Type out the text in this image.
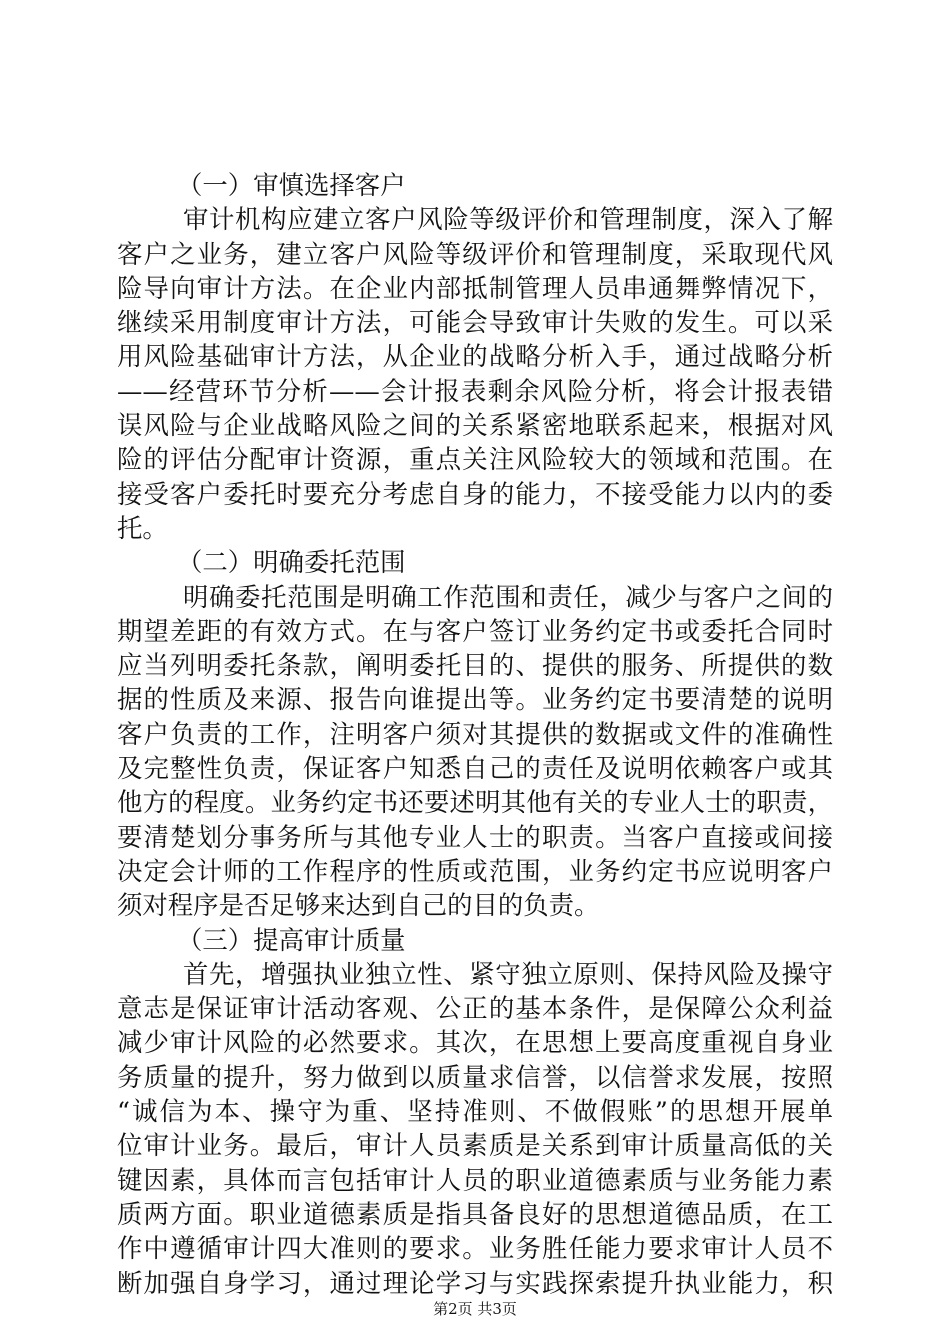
（一）审慎选择客户
审计机构应建立客户风险等级评价和管理制度，深入了解
客户之业务，建立客户风险等级评价和管理制度，采取现代风
险导向审计方法。在企业内部抵制管理人员串通舞弊情况下，
继续采用制度审计方法，可能会导致审计失败的发生。可以采
用风险基础审计方法，从企业的战略分析入手，通过战略分析
——经营环节分析——会计报表剩余风险分析，将会计报表错
误风险与企业战略风险之间的关系紧密地联系起来，根据对风
险的评估分配审计资源，重点关注风险较大的领域和范围。在
接受客户委托时要充分考虑自身的能力，不接受能力以内的委
托。
（二）明确委托范围
明确委托范围是明确工作范围和责任，减少与客户之间的
期望差距的有效方式。在与客户签订业务约定书或委托合同时
应当列明委托条款，阐明委托目的、提供的服务、所提供的数
据的性质及来源、报告向谁提出等。业务约定书要清楚的说明
客户负责的工作，注明客户须对其提供的数据或文件的准确性
及完整性负责，保证客户知悉自己的责任及说明依赖客户或其
他方的程度。业务约定书还要述明其他有关的专业人士的职责，
要清楚划分事务所与其他专业人士的职责。当客户直接或间接
决定会计师的工作程序的性质或范围，业务约定书应说明客户
须对程序是否足够来达到自己的目的负责。
（三）提高审计质量
首先，增强执业独立性、紧守独立原则、保持风险及操守
意志是保证审计活动客观、公正的基本条件，是保障公众利益
减少审计风险的必然要求。其次，在思想上要高度重视自身业
务质量的提升，努力做到以质量求信誉，以信誉求发展，按照
“诚信为本、操守为重、坚持准则、不做假账”的思想开展单
位审计业务。最后，审计人员素质是关系到审计质量高低的关
键因素，具体而言包括审计人员的职业道德素质与业务能力素
质两方面。职业道德素质是指具备良好的思想道德品质，在工
作中遵循审计四大准则的要求。业务胜任能力要求审计人员不
断加强自身学习，通过理论学习与实践探索提升执业能力，积
第2页 共3页
